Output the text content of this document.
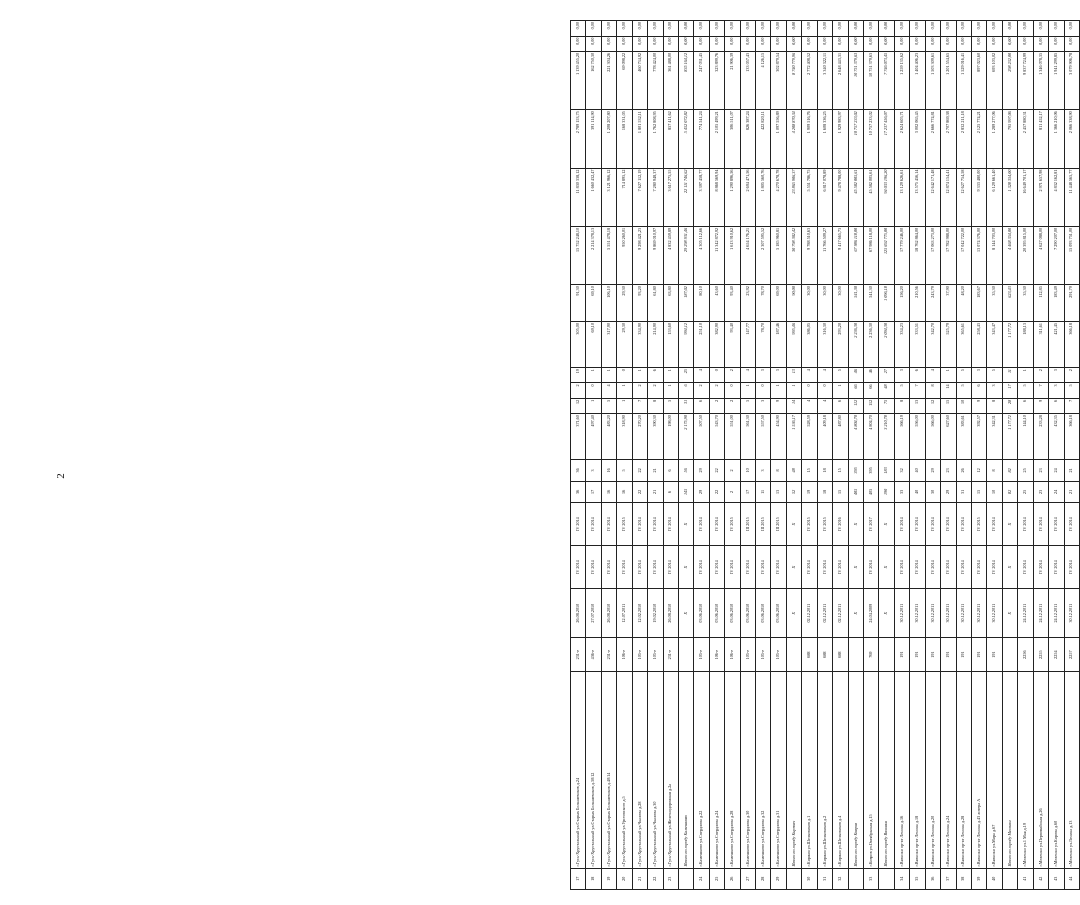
2
17	г.Гусь-Хрустальный ул.Старых Большевиков д.24	231-е	26.08.2010	IV 2014	IV 2014	36	36	371,60	12	2	19	305,00	91,30	15 752 248,10	11 830 338,12	2 789 153,75	1 139 455,20	0,00	0,00
18	г.Гусь-Хрустальный ул.Старых Большевиков д.30/12	436-е	27.07.2010	IV 2014	IV 2014	17	3	497,40	1	0	1	69,10	69,10	2 214 378,13	1 660 432,47	391 114,90	162 750,30	0,00	0,00
19	г.Гусь-Хрустальный ул.Старых Большевиков д.40/14	231-е	26.08.2010	IV 2014	IV 2014	16	16	483,20	5	4	1	317,90	106,10	5 551 478,18	3 121 966,12	1 208 207,80	221 304,26	0,00	0,00
20	г.Гусь-Хрустальный ул.Урстовского д.5	106-е	12.07.2011	IV 2014	IV 2015	16	5	318,90	1	1	0	29,30	29,30	950 260,01	714 895,12	168 331,05	69 098,22	0,00	0,00
21	г.Гусь-Хрустальный ул.Чкалова д.28	105-е	12.02.2010	IV 2014	IV 2014	22	22	270,20	7	2	1	334,90	93,20	9 298 421,23	7 627 112,19	1 801 532,11	460 734,92	0,00	0,00
22	г.Гусь-Хрустальный ул.Чкалова д.30	105-е	19.02.2010	IV 2014	IV 2014	21	21	390,30	8	2	6	214,90	61,80	9 869 010,97	7 280 948,37	1 762 808,95	778 424,00	0,00	0,00
23	г.Гусь-Хрустальный ул.Железнодорожная д.2а	231-е	26.08.2010	IV 2014	IV 2014	6	6	198,00	5	1	1	153,60	63,80	4 832 459,89	3 617 275,55	857 411,62	361 488,00	0,00	0,00
	Итого по городу Камешково		X	X	X	145	56	2 175,90	31	6	25	994,12	187,02	29 298 931,46	22 111 746,62	5 452 072,82	835 164,12	0,00	0,00
24	г.Камешково ул.Свердлова д.22	105-е	03.06.2010	IV 2014	IV 2014	29	29	507,50	6	2	4	251,10	80,10	4 305 112,66	3 397 458,77	774 541,24	247 031,45	0,00	0,00
25	г.Камешково ул.Свердлова д.24	106-е	03.06.2010	IV 2014	IV 2014	22	22	543,70	2	2	0	382,90	43,60	11 342 872,92	8 868 569,94	2 105 499,21	323 899,76	0,00	0,00
26	г.Камешково ул.Свердлова д.28	106-е	03.06.2010	IV 2014	IV 2015	2	2	551,00	2	0	2	93,40	93,40	1 613 910,62	1 290 896,56	306 511,07	21 906,39	0,00	0,00
27	г.Камешково ул.Свердлова д.30	105-е	03.06.2010	IV 2014	III 2015	17	10	561,30	5	1	4	147,77	23,92	4 654 176,21	2 694 471,56	826 387,24	133 057,43	0,00	0,00
28	г.Камешково ул.Свердлова д.32	105-е	03.06.2010	IV 2014	III 2015	11	3	557,50	3	0	3	78,70	78,70	2 307 595,52	1 805 560,76	422 820,11	4 126,15	0,00	0,00
29	г.Камешково ул.Свердлова д.31	105-е	03.06.2010	IV 2014	III 2015	13	8	454,90	9	1	3	187,46	69,00	5 185 960,81	4 270 678,78	1 097 556,89	302 879,54	0,00	0,00
	Итого по городу Киржач		X	X	X	52	48	1 536,17	14	1	13	995,46	90,00	30 798 302,42	23 865 906,37	4 208 870,34	8 740 779,96	0,00	0,00
30	г.Киржач ул.Шелковиков д.1	688	02.12.2011	IV 2014	IV 2015	19	15	528,59	4	0	4	386,05	30,00	9 788 510,63	5 551 786,75	1 909 516,76	2 772 408,52	0,00	0,00
31	г.Киржач ул.Шелковиков д.2	688	02.12.2011	IV 2014	IV 2015	18	18	409,18	4	0	4	316,30	30,00	11 766 509,27	6 817 078,89	1 608 336,25	3 340 322,11	0,00	0,00
32	г.Киржач ул.Шелковиков д.4	688	02.12.2011	IV 2014	IV 2016	15	15	487,80	6	1	5	293,20	30,00	9 417 665,73	9 478 788,00	1 929 983,97	2 648 443,31	0,00	0,00
	Итого по городу Ковров		X	X	X	405	395	4 804,70	112	66	46	2 236,30	541,30	67 986 118,00	45 582 005,61	10 757 233,02	10 751 379,63	0,00	0,00
33	г.Ковров ул.Октябрьская д.15	769	24.04.2009	IV 2014	IV 2017	405	395	4 804,70	112	66	46	2 236,30	541,30	67 986 118,00	45 582 005,61	10 757 233,02	10 751 379,63	0,00	0,00
	Итого по городу Вязники		X	X	X	190	183	3 210,78	75	48	27	2 094,30	1 096,18	125 692 775,00	94 033 196,20	17 237 456,07	7 746 073,45	0,00	0,00
34	г.Вязники пр-кт Ленина д.16	191	30.12.2011	IV 2014	IV 2014	33	32	566,19	8	5	3	334,23	156,20	17 779 246,00	13 129 626,61	2 624 605,71	1 259 135,62	0,00	0,00
35	г.Вязники пр-кт Ленина д.18	191	30.12.2011	IV 2014	IV 2014	40	40	556,00	13	7	6	333,51	210,56	18 762 864,00	13 575 456,14	3 002 065,45	1 404 406,23	0,00	0,00
36	г.Вязники пр-кт Ленина д.20	191	30.12.2011	IV 2014	IV 2014	30	29	566,00	12	8	4	342,70	243,79	17 063 273,00	12 642 171,48	2 666 774,81	1 503 309,61	0,00	0,00
37	г.Вязники пр-кт Ленина д.24	191	30.12.2011	IV 2014	IV 2014	29	23	627,60	15	14	1	525,79	37,90	17 782 988,00	12 874 154,41	2 707 869,38	1 201 554,65	0,00	0,00
38	г.Вязники пр-кт Ленина д.28	191	30.12.2011	IV 2014	IV 2014	31	26	383,61	10	5	5	365,61	48,20	17 042 722,00	12 627 754,58	2 832 211,18	1 529 016,41	0,00	0,00
39	г.Вязники пр-кт Ленина д.43 литера А	191	30.12.2011	IV 2014	IV 2015	15	12	392,57	9	6	3	258,43	183,67	13 074 376,00	9 333 480,00	2 125 774,21	897 023,60	0,00	0,00
40	г.Вязники ул.Мира д.67	191	30.12.2011	IV 2014	IV 2014	10	8	342,31	8	3	5	343,47	35,30	8 144 703,00	6 129 661,40	1 289 277,06	693 103,02	0,00	0,00
	Итого по городу Меленки		X	X	X	82	82	1 177,72	28	17	11	1 177,72	623,43	4 468 354,00	1 328 354,00	795 997,06	298 232,00	0,00	0,00
41	г.Меленки ул.1 Мая д.19	2256	24.12.2011	IV 2014	IV 2014	25	25	144,10	6	5	1	188,13	35,30	20 395 815,00	16 649 701,17	2 457 880,31	9 837 724,99	0,00	0,00
42	г.Меленки ул.Первомайская д.26	2255	24.12.2011	IV 2014	IV 2014	23	23	233,28	9	7	2	311,61	112,85	4 627 088,00	2 971 657,98	811 452,17	1 346 078,35	0,00	0,00
43	г.Меленки ул.Кирова д.60	2254	24.12.2011	IV 2014	IV 2014	24	24	432,35	6	3	3	421,45	183,49	7 290 207,00	4 832 162,81	1 366 210,06	1 941 299,85	0,00	0,00
44	г.Меленки ул.Ленина д.13	2257	30.12.2011	IV 2014	IV 2014	21	21	366,18	7	5	2	366,18	291,79	15 093 751,00	11 448 565,77	2 066 338,90	3 079 906,78	0,00	0,00
